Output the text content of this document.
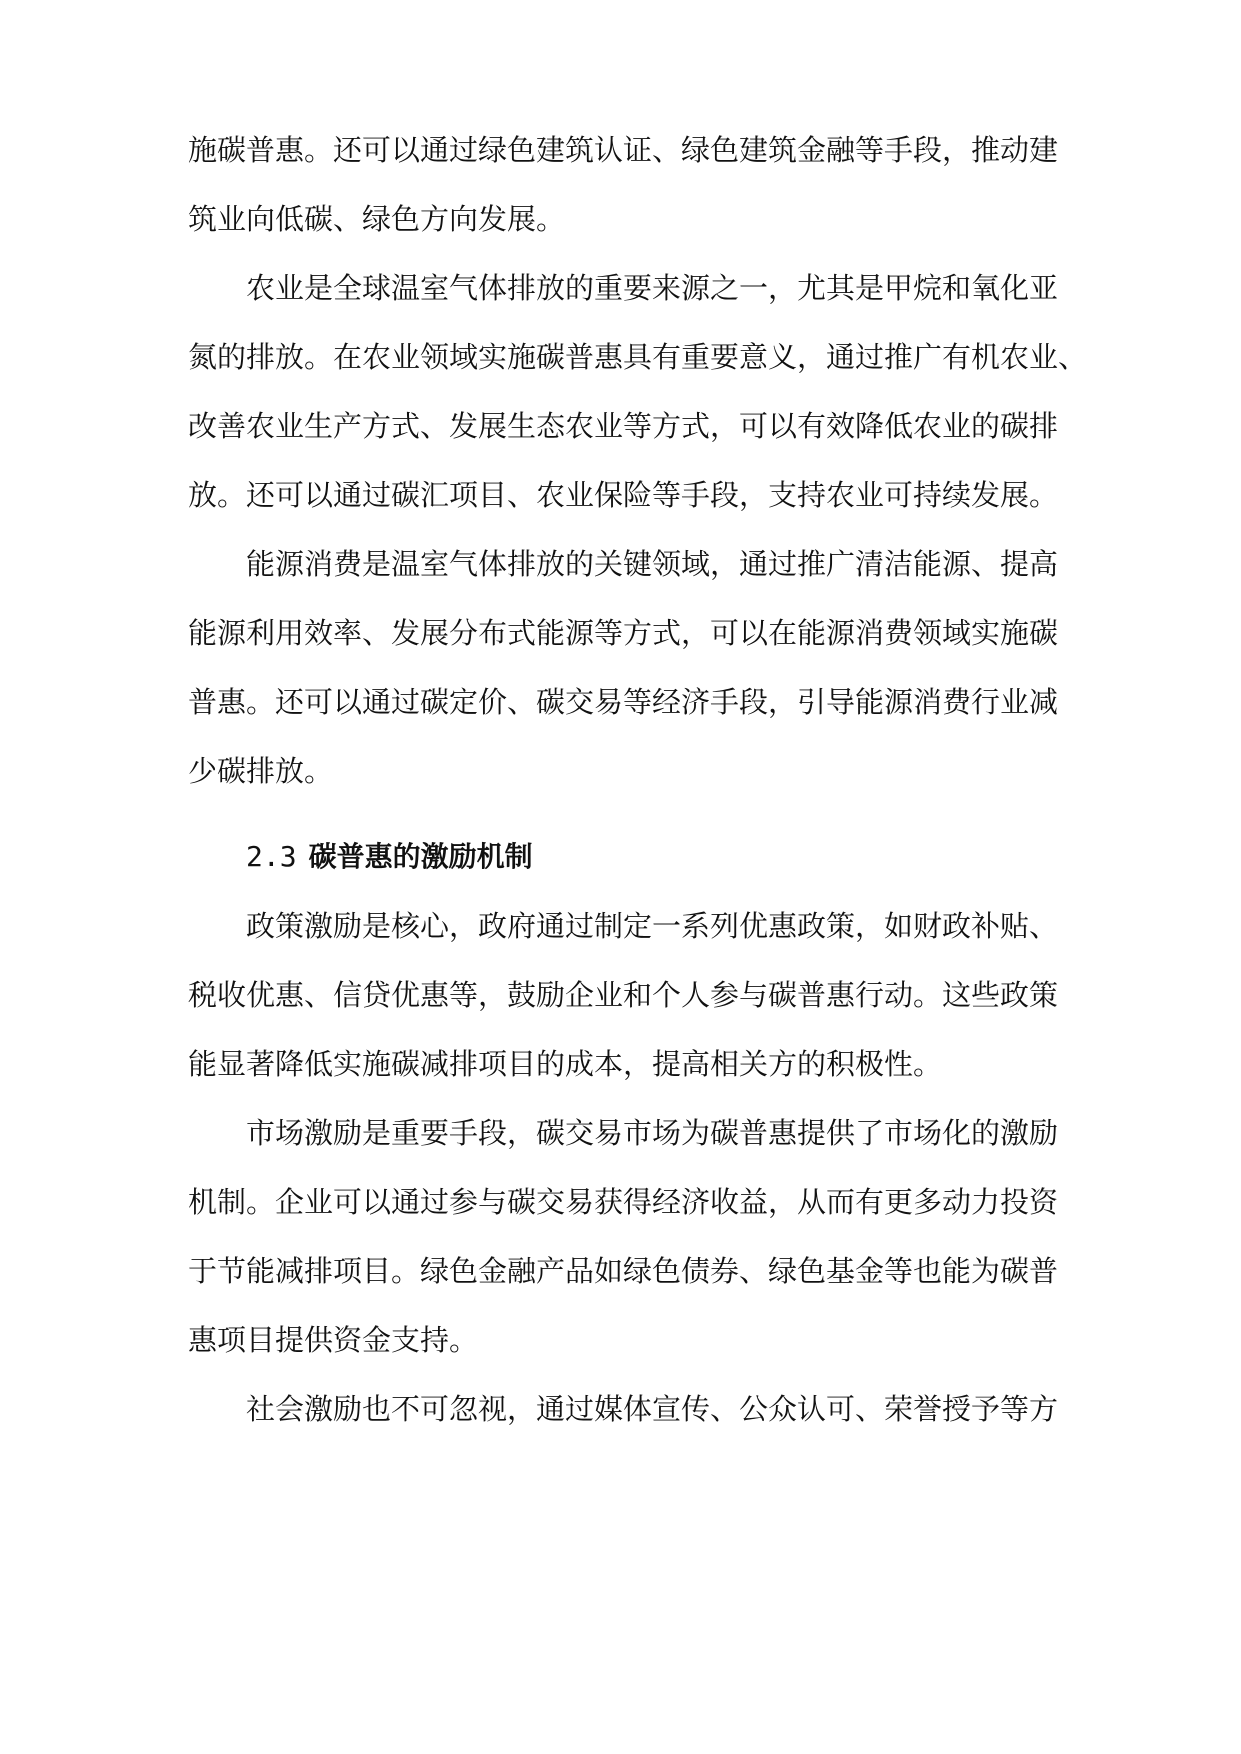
施碳普惠。还可以通过绿色建筑认证、绿色建筑金融等手段，推动建
筑业向低碳、绿色方向发展。
农业是全球温室气体排放的重要来源之一，尤其是甲烷和氧化亚
氮的排放。在农业领域实施碳普惠具有重要意义，通过推广有机农业、
改善农业生产方式、发展生态农业等方式，可以有效降低农业的碳排
放。还可以通过碳汇项目、农业保险等手段，支持农业可持续发展。
能源消费是温室气体排放的关键领域，通过推广清洁能源、提高
能源利用效率、发展分布式能源等方式，可以在能源消费领域实施碳
普惠。还可以通过碳定价、碳交易等经济手段，引导能源消费行业减
少碳排放。
2.3 碳普惠的激励机制
政策激励是核心，政府通过制定一系列优惠政策，如财政补贴、
税收优惠、信贷优惠等，鼓励企业和个人参与碳普惠行动。这些政策
能显著降低实施碳减排项目的成本，提高相关方的积极性。
市场激励是重要手段，碳交易市场为碳普惠提供了市场化的激励
机制。企业可以通过参与碳交易获得经济收益，从而有更多动力投资
于节能减排项目。绿色金融产品如绿色债券、绿色基金等也能为碳普
惠项目提供资金支持。
社会激励也不可忽视，通过媒体宣传、公众认可、荣誉授予等方
